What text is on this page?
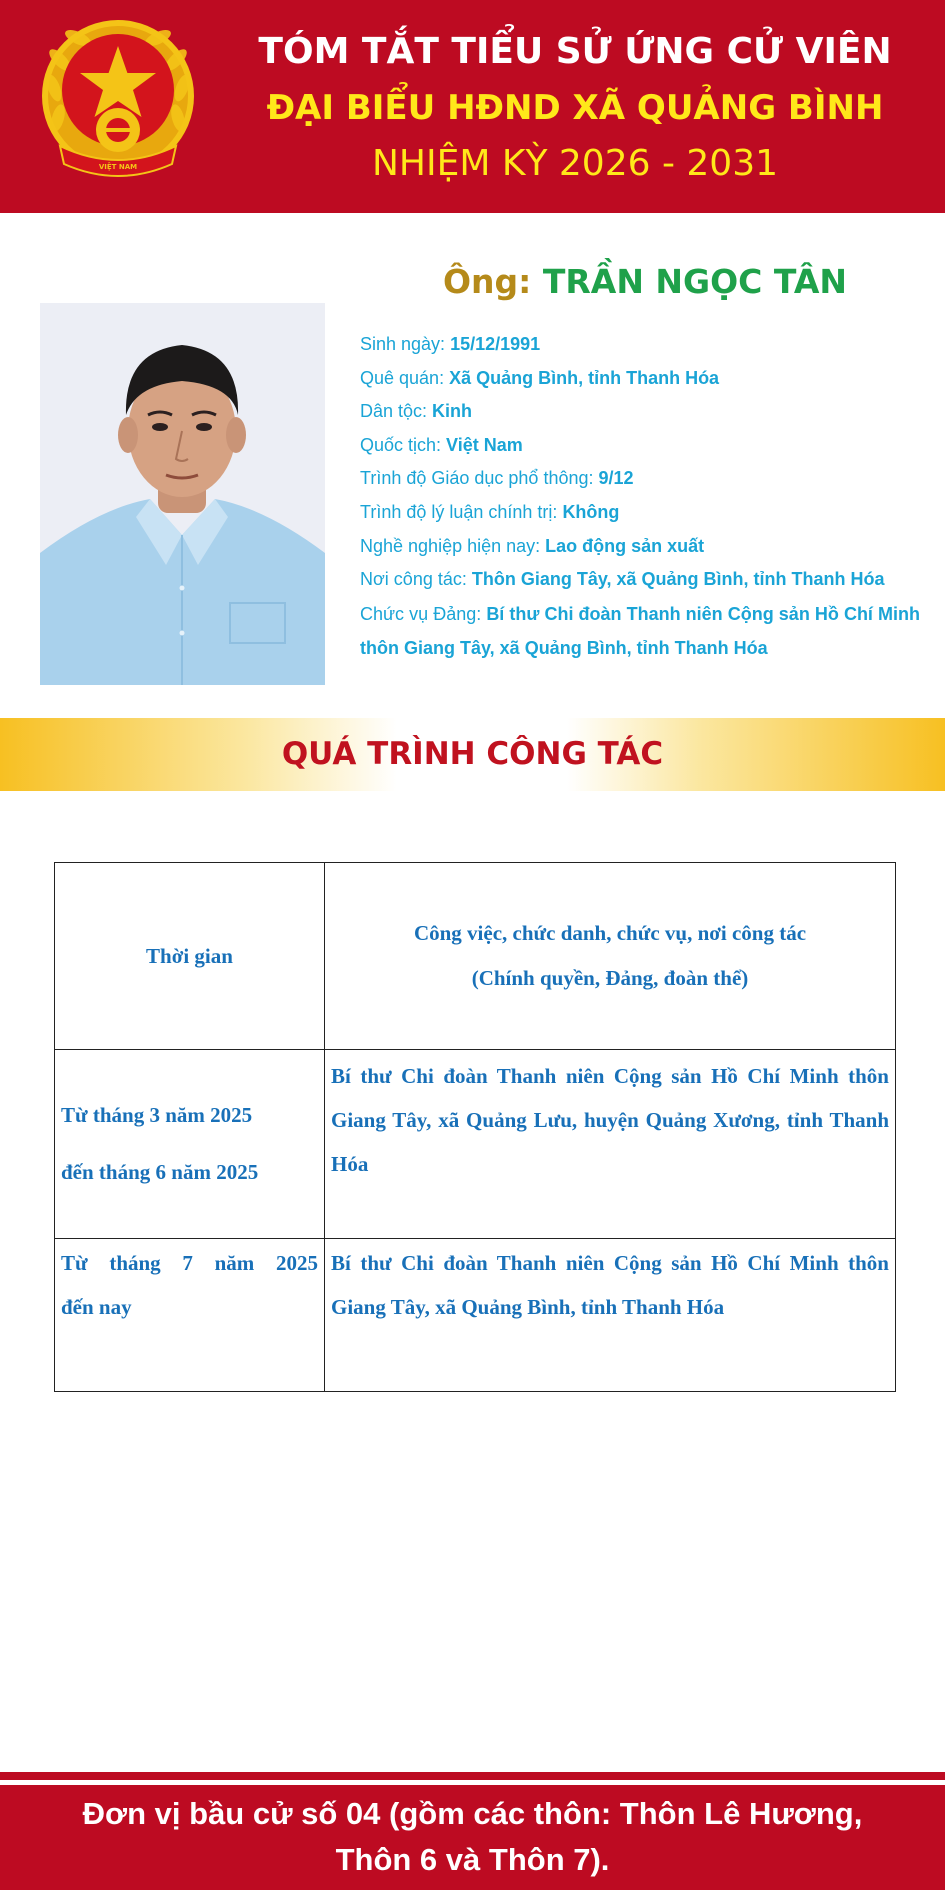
VIỆT NAM
TÓM TẮT TIỂU SỬ ỨNG CỬ VIÊN
ĐẠI BIỂU HĐND XÃ QUẢNG BÌNH
NHIỆM KỲ 2026 - 2031
Ông: TRẦN NGỌC TÂN
Sinh ngày: 15/12/1991
Quê quán: Xã Quảng Bình, tỉnh Thanh Hóa
Dân tộc: Kinh
Quốc tịch: Việt Nam
Trình độ Giáo dục phổ thông: 9/12
Trình độ lý luận chính trị: Không
Nghề nghiệp hiện nay: Lao động sản xuất
Nơi công tác: Thôn Giang Tây, xã Quảng Bình, tỉnh Thanh Hóa
Chức vụ Đảng: Bí thư Chi đoàn Thanh niên Cộng sản Hồ Chí Minh thôn Giang Tây, xã Quảng Bình, tỉnh Thanh Hóa
QUÁ TRÌNH CÔNG TÁC
Thời gian	Công việc, chức danh, chức vụ, nơi công tác
(Chính quyền, Đảng, đoàn thể)

Từ tháng 3 năm 2025
đến tháng 6 năm 2025	Bí thư Chi đoàn Thanh niên Cộng sản Hồ Chí Minh thôn Giang Tây, xã Quảng Lưu, huyện Quảng Xương, tỉnh Thanh Hóa

Từ tháng 7 năm 2025
đến nay	Bí thư Chi đoàn Thanh niên Cộng sản Hồ Chí Minh thôn Giang Tây, xã Quảng Bình, tỉnh Thanh Hóa
Đơn vị bầu cử số 04 (gồm các thôn: Thôn Lê Hương,
Thôn 6 và Thôn 7).
